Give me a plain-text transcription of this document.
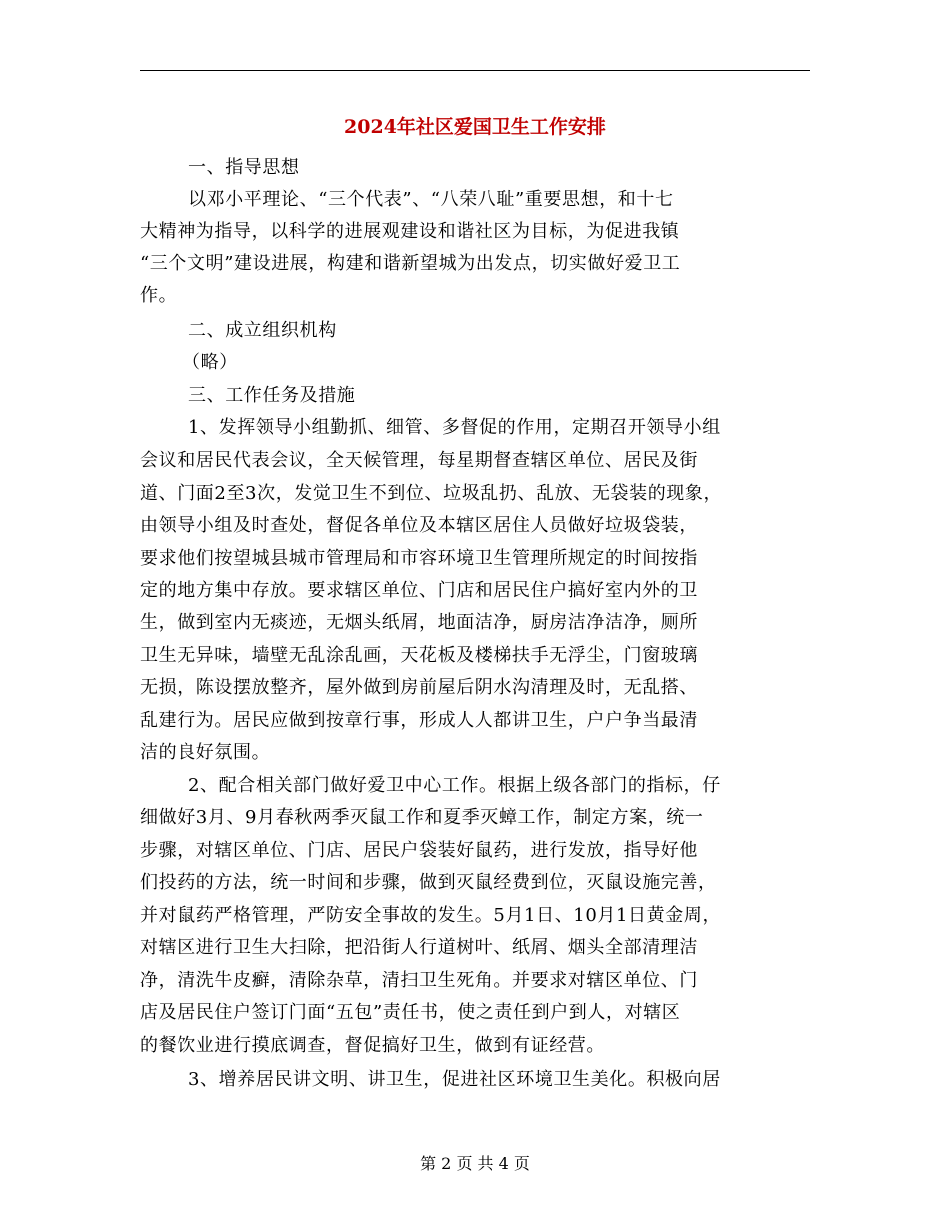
2024年社区爱国卫生工作安排
一、指导思想
以邓小平理论、“三个代表”、“八荣八耻”重要思想，和十七
大精神为指导，以科学的进展观建设和谐社区为目标，为促进我镇
“三个文明”建设进展，构建和谐新望城为出发点，切实做好爱卫工
作。
二、成立组织机构
（略）
三、工作任务及措施
1、发挥领导小组勤抓、细管、多督促的作用，定期召开领导小组
会议和居民代表会议，全天候管理，每星期督查辖区单位、居民及街
道、门面2至3次，发觉卫生不到位、垃圾乱扔、乱放、无袋装的现象，
由领导小组及时查处，督促各单位及本辖区居住人员做好垃圾袋装，
要求他们按望城县城市管理局和市容环境卫生管理所规定的时间按指
定的地方集中存放。要求辖区单位、门店和居民住户搞好室内外的卫
生，做到室内无痰迹，无烟头纸屑，地面洁净，厨房洁净洁净，厕所
卫生无异味，墙壁无乱涂乱画，天花板及楼梯扶手无浮尘，门窗玻璃
无损，陈设摆放整齐，屋外做到房前屋后阴水沟清理及时，无乱搭、
乱建行为。居民应做到按章行事，形成人人都讲卫生，户户争当最清
洁的良好氛围。
2、配合相关部门做好爱卫中心工作。根据上级各部门的指标，仔
细做好3月、9月春秋两季灭鼠工作和夏季灭蟑工作，制定方案，统一
步骤，对辖区单位、门店、居民户袋装好鼠药，进行发放，指导好他
们投药的方法，统一时间和步骤，做到灭鼠经费到位，灭鼠设施完善，
并对鼠药严格管理，严防安全事故的发生。5月1日、10月1日黄金周，
对辖区进行卫生大扫除，把沿街人行道树叶、纸屑、烟头全部清理洁
净，清洗牛皮癣，清除杂草，清扫卫生死角。并要求对辖区单位、门
店及居民住户签订门面“五包”责任书，使之责任到户到人，对辖区
的餐饮业进行摸底调查，督促搞好卫生，做到有证经营。
3、增养居民讲文明、讲卫生，促进社区环境卫生美化。积极向居
第 2 页 共 4 页
